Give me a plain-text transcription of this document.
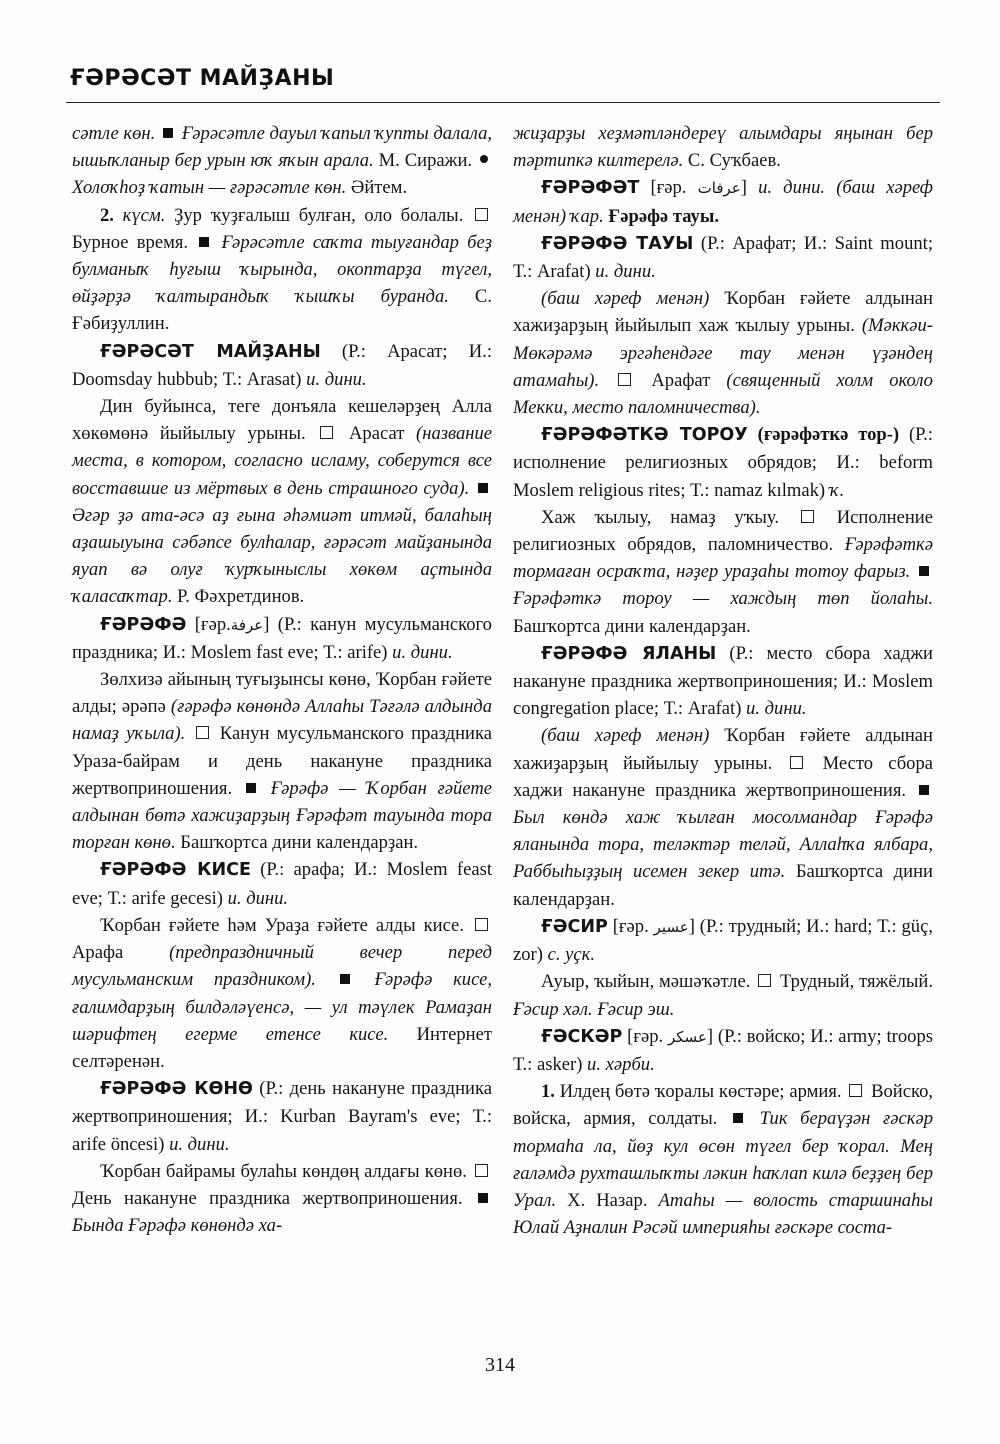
ҒӘРӘСӘТ МАЙҘАНЫ

сәтле көн. Ғәрәсәтле дауыл ҡапыл ҡупты далала, ышыҡланыр бер урын юҡ яҡын арала. М. Сиражи.  Холоҡһоҙ ҡатын — ғәрәсәтле көн. Әйтем.

2. күсм. Ҙур ҡуҙғалыш булған, оло болалы.  Бурное время. Ғәрәсәтле саҡта тыуғандар беҙ булманыҡ һуғыш ҡырында, окоптарҙа түгел, өйҙәрҙә ҡалтырандыҡ ҡышҡы буранда. С. Ғәбиҙуллин.

ҒӘРӘСӘТ МАЙҘАНЫ (Р.: Арасат; И.: Doomsday hubbub; Т.: Arasat) и. дини.

Дин буйынса, теге донъяла кешеләрҙең Алла хөкөмөнә йыйылыу урыны. Арасат (название места, в котором, согласно исламу, соберутся все восставшие из мёртвых в день страшного суда).  Әгәр ҙә ата-әсә аҙ ғына әһәмиәт итмәй, балаһың аҙашыуына сәбәпсе булһалар, ғәрәсәт майҙанында яуап вә олуғ ҡурҡыныслы хөкөм аҫтында ҡаласаҡтар. Р. Фәхретдинов.

ҒӘРӘФӘ [ғәр.عرفة] (Р.: канун мусульманского праздника; И.: Moslem fast eve; Т.: arife) и. дини.

Зөлхизә айының туғыҙынсы көнө, Ҡорбан ғәйете алды; әрәпә (ғәрәфә көнөндә Аллаһы Тәғәлә алдында намаҙ уҡыла). Канун мусульманского праздника Ураза-байрам и день накануне праздника жертвоприношения. Ғәрәфә — Ҡорбан ғәйете алдынан бөтә хажиҙарҙың Ғәрәфәт тауында тора торған көнө. Башҡортса дини календарҙан.

ҒӘРӘФӘ КИСЕ (Р.: арафа; И.: Moslem feast eve; Т.: arife gecesi) и. дини.

Ҡорбан ғәйете һәм Ураҙа ғәйете алды кисе.  Арафа (предпраздничный вечер перед мусульманским праздником).	Ғәрәфә кисе, ғалимдарҙың билдәләүенсә, — ул тәүлек Рамаҙан шәрифтең егерме етенсе кисе. Интернет селтәренән.

ҒӘРӘФӘ КӨНӨ (Р.: день накануне праздника жертвоприношения; И.: Kurban Bayram's eve; Т.: arife öncesi) и. дини.

Ҡорбан байрамы булаһы көндөң алдағы көнө.  День накануне праздника жертвоприношения.  Бында Ғәрәфә көнөндә ха-

жиҙарҙы хеҙмәтләндереү алымдары яңынан бер тәртипкә килтерелә. С. Суҡбаев.

ҒӘРӘФӘТ [ғәр. عرفات] и. дини. (баш хәреф менән) ҡар. Ғәрәфә тауы.

ҒӘРӘФӘ ТАУЫ (Р.: Арафат; И.: Saint mount; Т.: Arafat) и. дини.

(баш хәреф менән) Ҡорбан ғәйете алдынан хажиҙарҙың йыйылып хаж ҡылыу урыны. (Мәккәи-Мөкәрәмә эргәһендәге тау менән үҙәндең атамаһы).	Арафат (священный холм около Мекки, место паломничества).

ҒӘРӘФӘТКӘ ТОРОУ (ғәрәфәткә тор-) (Р.: исполнение религиозных обрядов; И.: beform Moslem religious rites; Т.: namaz kılmak) ҡ.

Хаж ҡылыу, намаҙ уҡыу.	Исполнение религиозных обрядов, паломничество. Ғәрәфәткә тормаған осраҡта, нәҙер ураҙаһы тотоу фарыз.  Ғәрәфәткә тороу — хаждың төп йолаһы. Башҡортса дини календарҙан.

ҒӘРӘФӘ ЯЛАНЫ (Р.: место сбора хаджи накануне праздника жертвоприношения; И.: Moslem congregation place; Т.: Arafat) и. дини.

(баш хәреф менән) Ҡорбан ғәйете алдынан хажиҙарҙың йыйылыу урыны.	Место сбора хаджи накануне праздника жертвоприношения.  Был көндә хаж ҡылған мосолмандар Ғәрәфә яланында тора, теләктәр теләй, Аллаһҡа ялбара, Раббыһыҙҙың исемен зекер итә. Башҡортса дини календарҙан.

ҒӘСИР [ғәр. عسير] (Р.: трудный; И.: hard; Т.: güç, zor) с. уҫк.

Ауыр, ҡыйын, мәшәҡәтле. Трудный, тяжёлый. Ғәсир хәл. Ғәсир эш.

ҒӘСКӘР [ғәр. عسكر] (Р.: войско; И.: army; troops Т.: asker) и. хәрби.

1. Илдең бөтә ҡоралы көстәре; армия. Войско, войска, армия, солдаты. Тик бераүҙән ғәскәр тормаһа ла, йөҙ кул өсөн түгел бер ҡорал. Мең ғаләмдә рухташлыҡты ләкин һаҡлап килә беҙҙең бер Урал. Х. Назар. Атаһы — волость старшинаһы Юлай Аҙналин Рәсәй империяһы ғәскәре соста-

314
